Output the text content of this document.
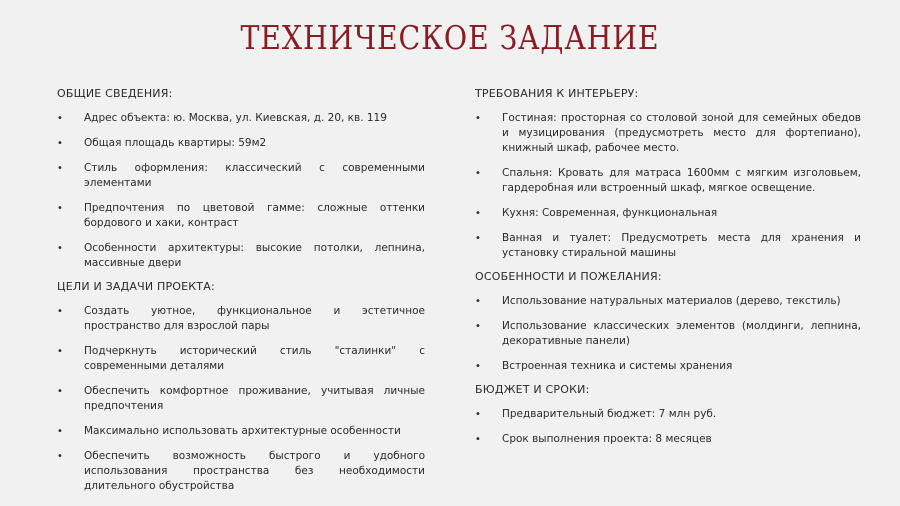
ТЕХНИЧЕСКОЕ ЗАДАНИЕ
ОБЩИЕ СВЕДЕНИЯ:
• Адрес объекта: ю. Москва, ул. Киевская, д. 20, кв. 119
• Общая площадь квартиры: 59м2
• Стиль оформления: классический с современными элементами
• Предпочтения по цветовой гамме: сложные оттенки бордового и хаки, контраст
• Особенности архитектуры: высокие потолки, лепнина, массивные двери
ЦЕЛИ И ЗАДАЧИ ПРОЕКТА:
• Создать уютное, функциональное и эстетичное пространство для взрослой пары
• Подчеркнуть исторический стиль "сталинки" с современными деталями
• Обеспечить комфортное проживание, учитывая личные предпочтения
• Максимально использовать архитектурные особенности
• Обеспечить возможность быстрого и удобного использования пространства без необходимости длительного обустройства
ТРЕБОВАНИЯ К ИНТЕРЬЕРУ:
• Гостиная: просторная со столовой зоной для семейных обедов и музицирования (предусмотреть место для фортепиано), книжный шкаф, рабочее место.
• Спальня: Кровать для матраса 1600мм с мягким изголовьем, гардеробная или встроенный шкаф, мягкое освещение.
• Кухня: Современная, функциональная
• Ванная и туалет: Предусмотреть места для хранения и установку стиральной машины
ОСОБЕННОСТИ И ПОЖЕЛАНИЯ:
• Использование натуральных материалов (дерево, текстиль)
• Использование классических элементов (молдинги, лепнина, декоративные панели)
• Встроенная техника и системы хранения
БЮДЖЕТ И СРОКИ:
• Предварительный бюджет: 7 млн руб.
• Срок выполнения проекта: 8 месяцев
